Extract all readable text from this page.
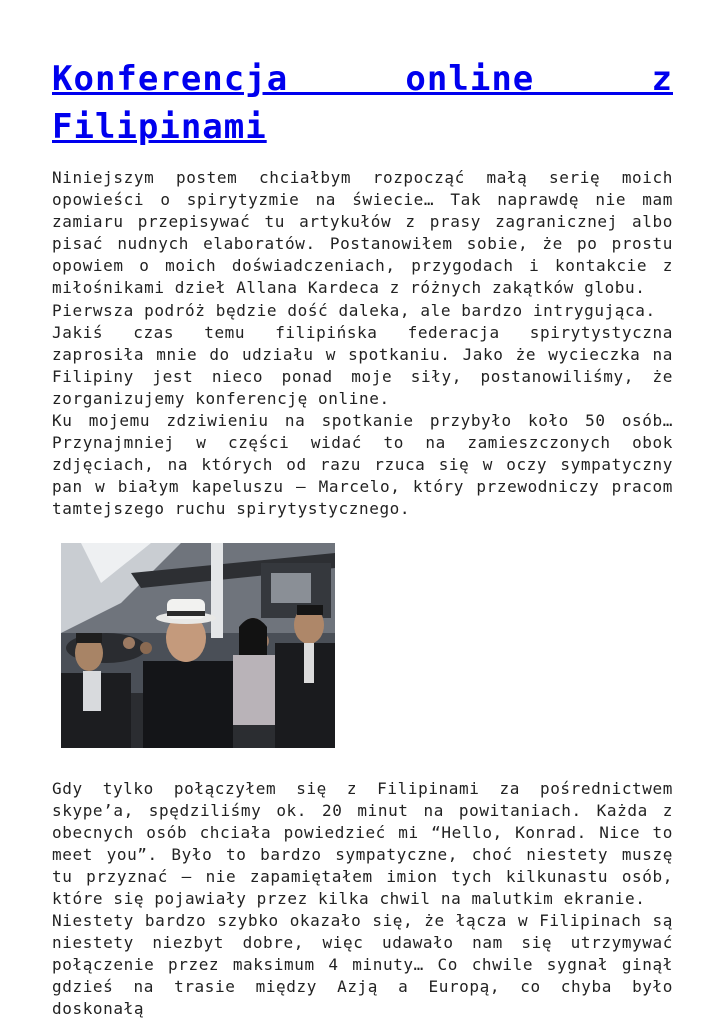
Konferencja online z Filipinami

Niniejszym postem chciałbym rozpocząć małą serię moich opowieści o spirytyzmie na świecie… Tak naprawdę nie mam zamiaru przepisywać tu artykułów z prasy zagranicznej albo pisać nudnych elaboratów. Postanowiłem sobie, że po prostu opowiem o moich doświadczeniach, przygodach i kontakcie z miłośnikami dzieł Allana Kardeca z różnych zakątków globu.

Pierwsza podróż będzie dość daleka, ale bardzo intrygująca.

Jakiś czas temu filipińska federacja spirytystyczna zaprosiła mnie do udziału w spotkaniu. Jako że wycieczka na Filipiny jest nieco ponad moje siły, postanowiliśmy, że zorganizujemy konferencję online.

Ku mojemu zdziwieniu na spotkanie przybyło koło 50 osób… Przynajmniej w części widać to na zamieszczonych obok zdjęciach, na których od razu rzuca się w oczy sympatyczny pan w białym kapeluszu – Marcelo, który przewodniczy pracom tamtejszego ruchu spirytystycznego.

Gdy tylko połączyłem się z Filipinami za pośrednictwem skype’a, spędziliśmy ok. 20 minut na powitaniach. Każda z obecnych osób chciała powiedzieć mi “Hello, Konrad. Nice to meet you”. Było to bardzo sympatyczne, choć niestety muszę tu przyznać – nie zapamiętałem imion tych kilkunastu osób, które się pojawiały przez kilka chwil na malutkim ekranie.

Niestety bardzo szybko okazało się, że łącza w Filipinach są niestety niezbyt dobre, więc udawało nam się utrzymywać połączenie przez maksimum 4 minuty… Co chwile sygnał ginął gdzieś na trasie między Azją a Europą, co chyba było doskonałą
